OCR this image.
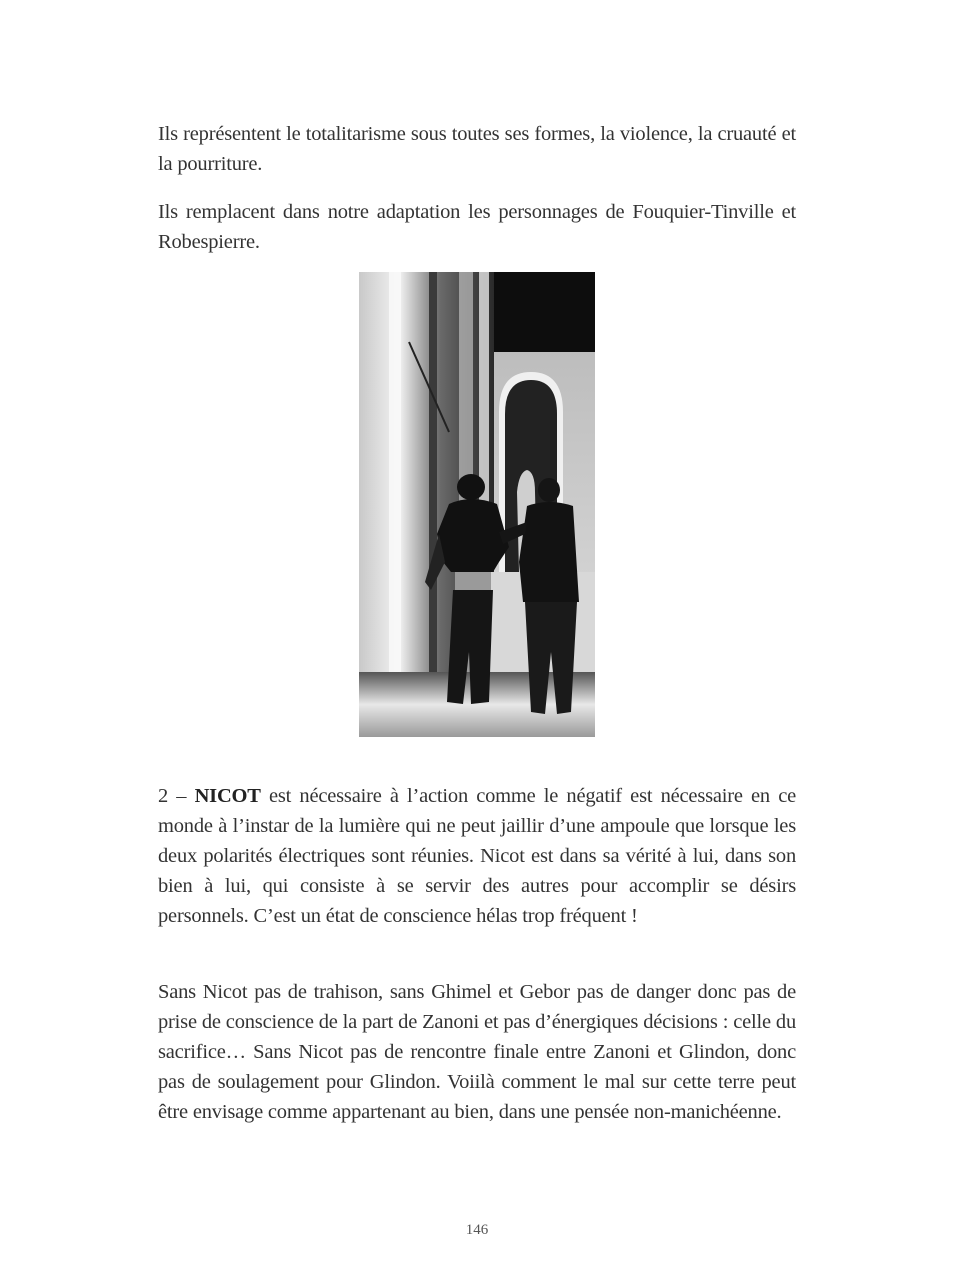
Ils représentent le totalitarisme sous toutes ses formes, la violence, la cruauté et la pourriture.

Ils remplacent dans notre adaptation les personnages de Fouquier-Tinville et Robespierre.

2 – NICOT est nécessaire à l’action comme le négatif est nécessaire en ce monde à l’instar de la lumière qui ne peut jaillir d’une ampoule que lorsque les deux polarités électriques sont réunies. Nicot est dans sa vérité à lui, dans son bien à lui, qui consiste à se servir des autres pour accomplir se désirs personnels. C’est un état de conscience hélas trop fréquent !

Sans Nicot pas de trahison, sans Ghimel et Gebor pas de danger donc pas de prise de conscience de la part de Zanoni et pas d’énergiques décisions : celle du sacrifice… Sans Nicot pas de rencontre finale entre Zanoni et Glindon, donc pas de soulagement pour Glindon. Voiilà comment le mal sur cette terre peut être envisage comme appartenant au bien, dans une pensée non-manichéenne.

146
